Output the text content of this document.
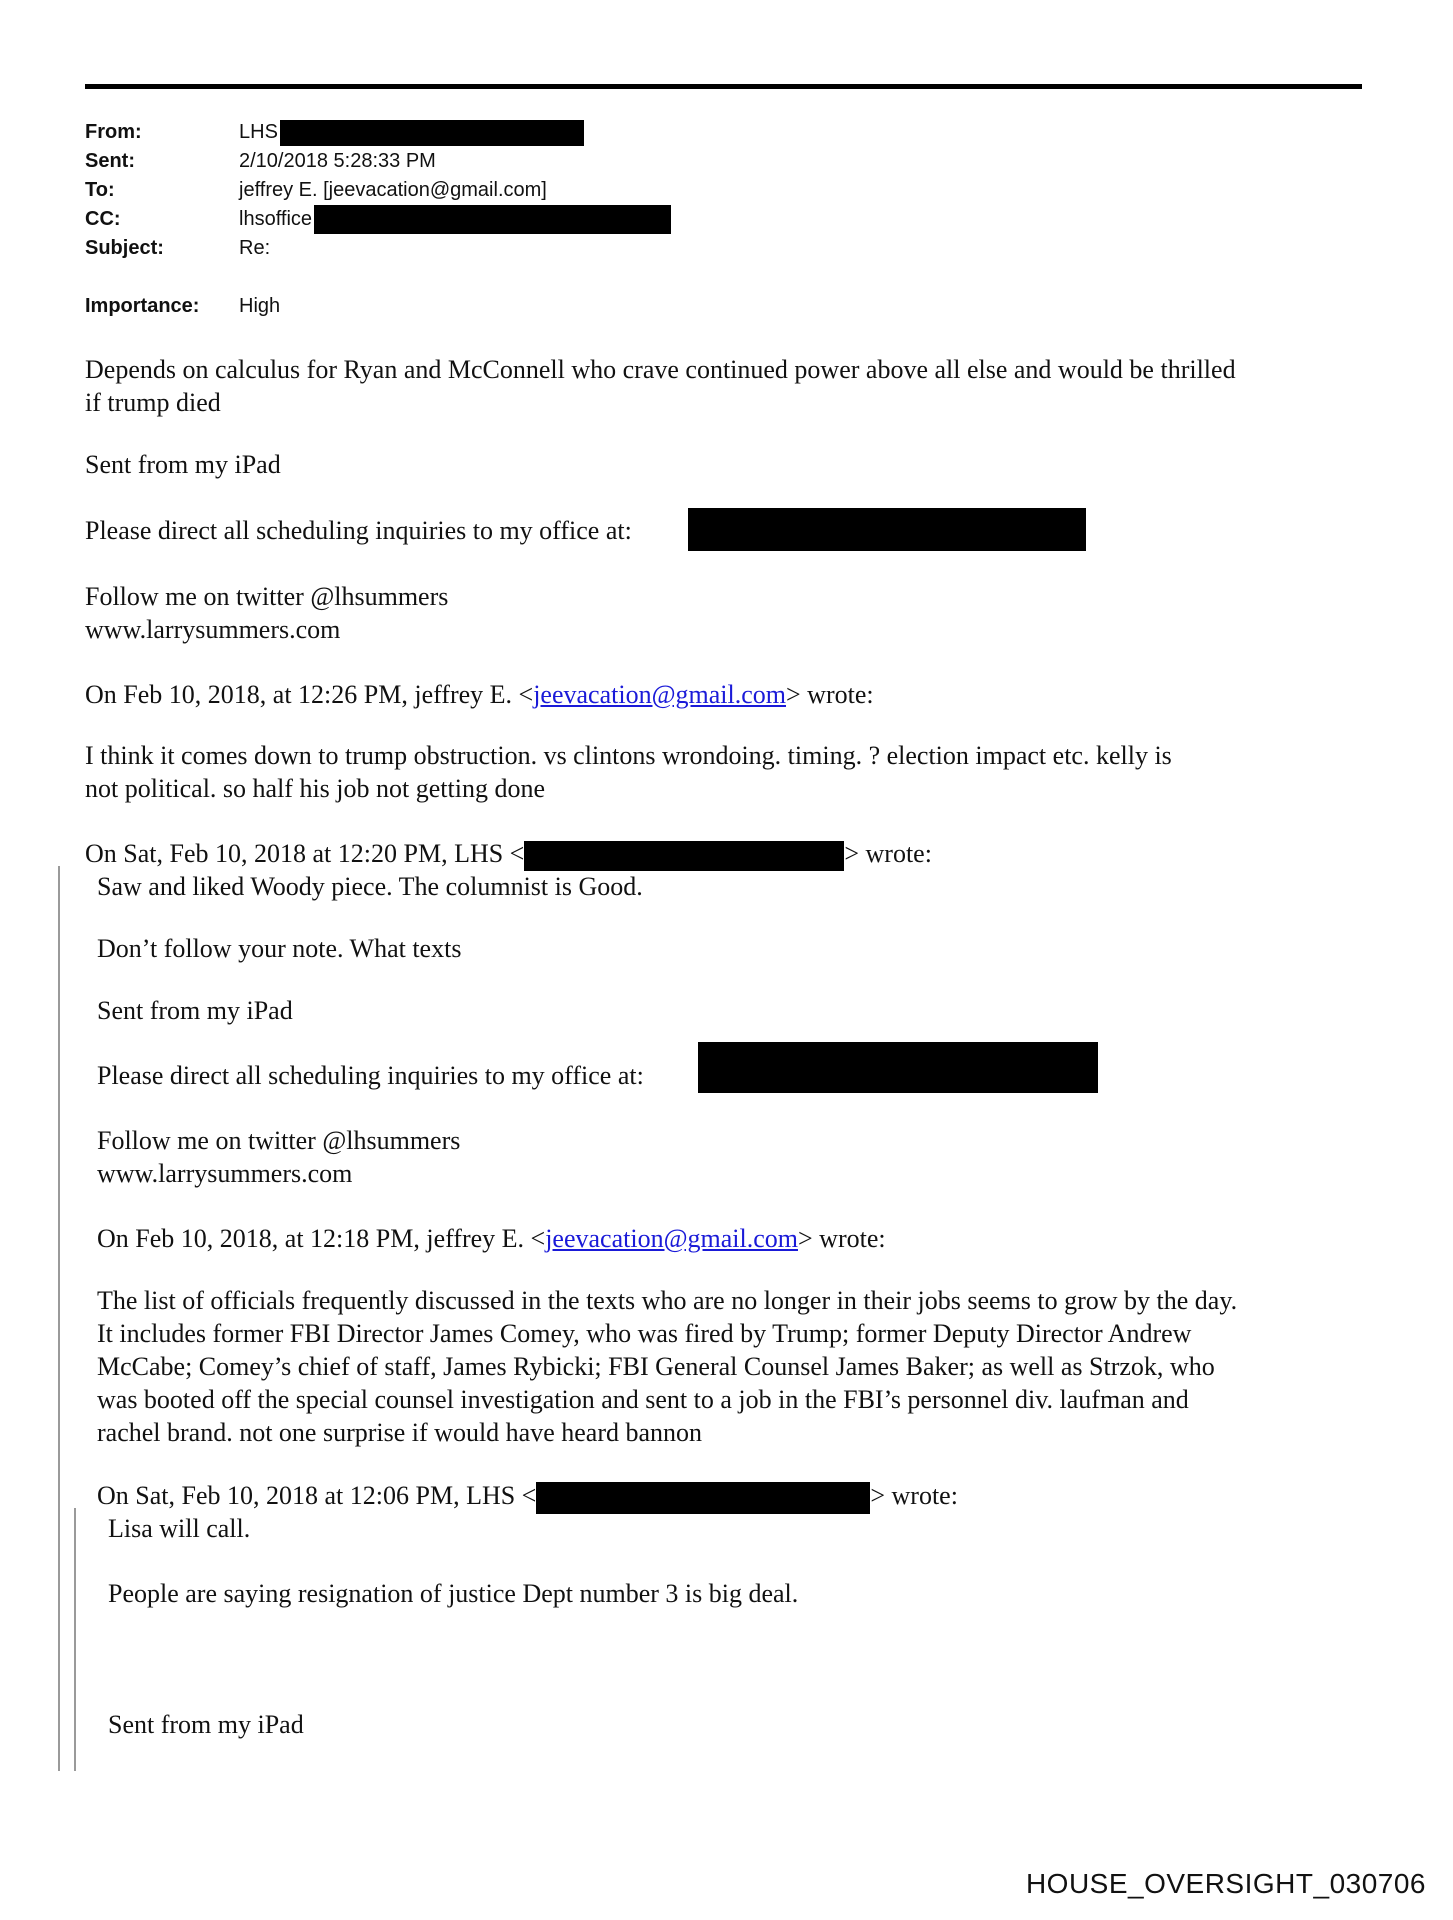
From:	LHS
Sent:	2/10/2018 5:28:33 PM
To:	jeffrey E. [jeevacation@gmail.com]
CC:	lhsoffice
Subject:	Re:
Importance: High
Depends on calculus for Ryan and McConnell who crave continued power above all else and would be thrilled
if trump died
Sent from my iPad
Please direct all scheduling inquiries to my office at:
Follow me on twitter @lhsummers
www.larrysummers.com
On Feb 10, 2018, at 12:26 PM, jeffrey E. <jeevacation@gmail.com> wrote:
I think it comes down to trump obstruction. vs clintons wrondoing. timing. ? election impact etc. kelly is
not political. so half his job not getting done
On Sat, Feb 10, 2018 at 12:20 PM, LHS <	> wrote:
Saw and liked Woody piece. The columnist is Good.
Don’t follow your note. What texts
Sent from my iPad
Please direct all scheduling inquiries to my office at:
Follow me on twitter @lhsummers
www.larrysummers.com
On Feb 10, 2018, at 12:18 PM, jeffrey E. <jeevacation@gmail.com> wrote:
The list of officials frequently discussed in the texts who are no longer in their jobs seems to grow by the day.
It includes former FBI Director James Comey, who was fired by Trump; former Deputy Director Andrew
McCabe; Comey’s chief of staff, James Rybicki; FBI General Counsel James Baker; as well as Strzok, who
was booted off the special counsel investigation and sent to a job in the FBI’s personnel div. laufman and
rachel brand. not one surprise if would have heard bannon
On Sat, Feb 10, 2018 at 12:06 PM, LHS <	> wrote:
Lisa will call.
People are saying resignation of justice Dept number 3 is big deal.
Sent from my iPad
HOUSE_OVERSIGHT_030706
